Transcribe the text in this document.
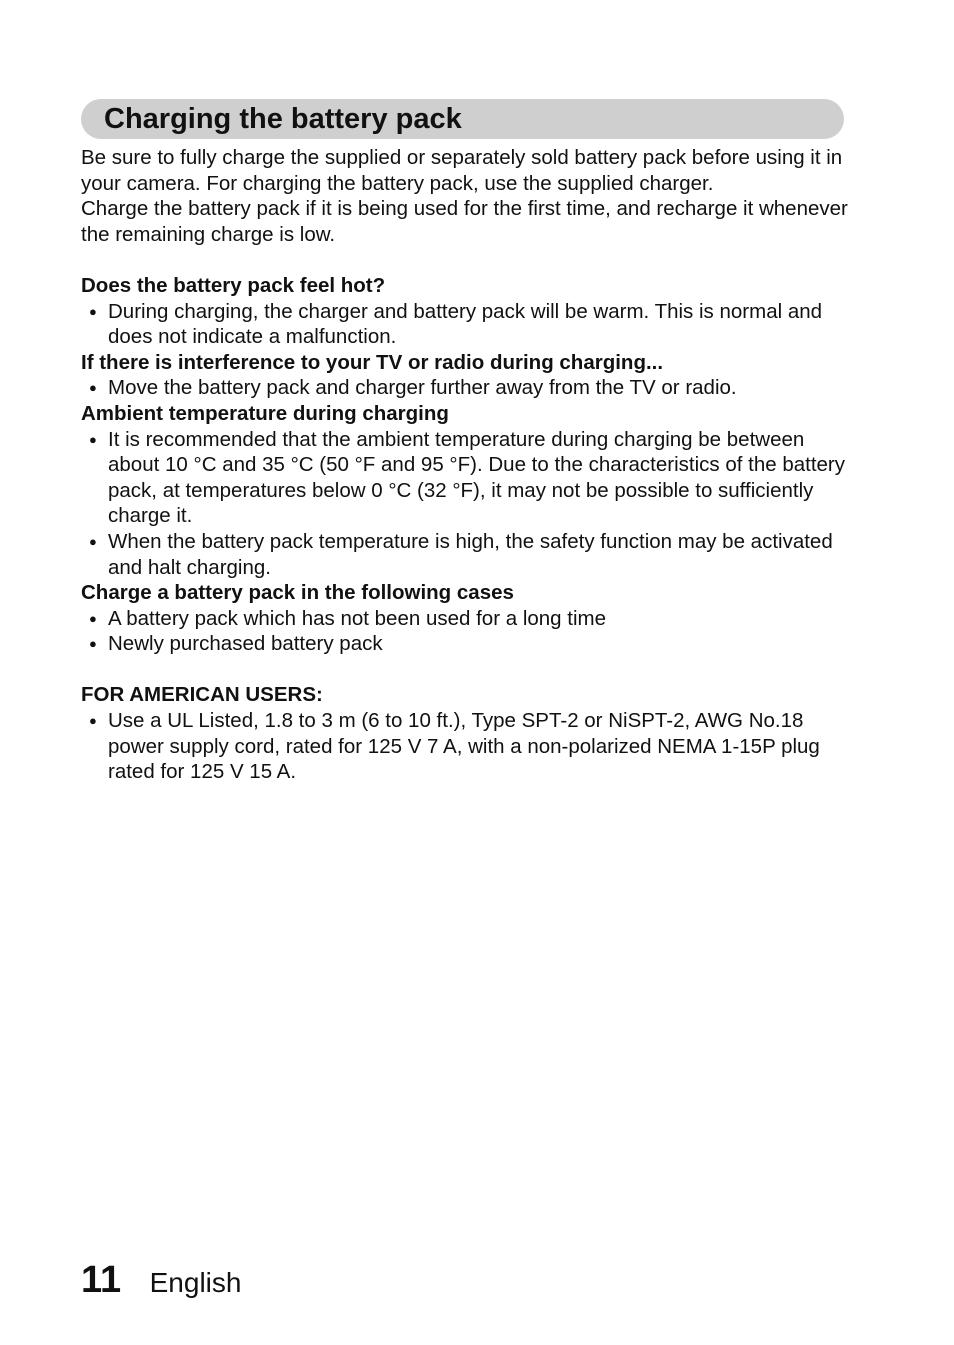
Charging the battery pack

Be sure to fully charge the supplied or separately sold battery pack before using it in your camera. For charging the battery pack, use the supplied charger.

Charge the battery pack if it is being used for the first time, and recharge it whenever the remaining charge is low.

Does the battery pack feel hot?

● During charging, the charger and battery pack will be warm. This is normal and does not indicate a malfunction.

If there is interference to your TV or radio during charging...

● Move the battery pack and charger further away from the TV or radio.

Ambient temperature during charging

● It is recommended that the ambient temperature during charging be between about 10 °C and 35 °C (50 °F and 95 °F). Due to the characteristics of the battery pack, at temperatures below 0 °C (32 °F), it may not be possible to sufficiently charge it.
● When the battery pack temperature is high, the safety function may be activated and halt charging.

Charge a battery pack in the following cases

● A battery pack which has not been used for a long time
● Newly purchased battery pack

FOR AMERICAN USERS:

● Use a UL Listed, 1.8 to 3 m (6 to 10 ft.), Type SPT-2 or NiSPT-2, AWG No.18 power supply cord, rated for 125 V 7 A, with a non-polarized NEMA 1-15P plug rated for 125 V 15 A.
11 English
